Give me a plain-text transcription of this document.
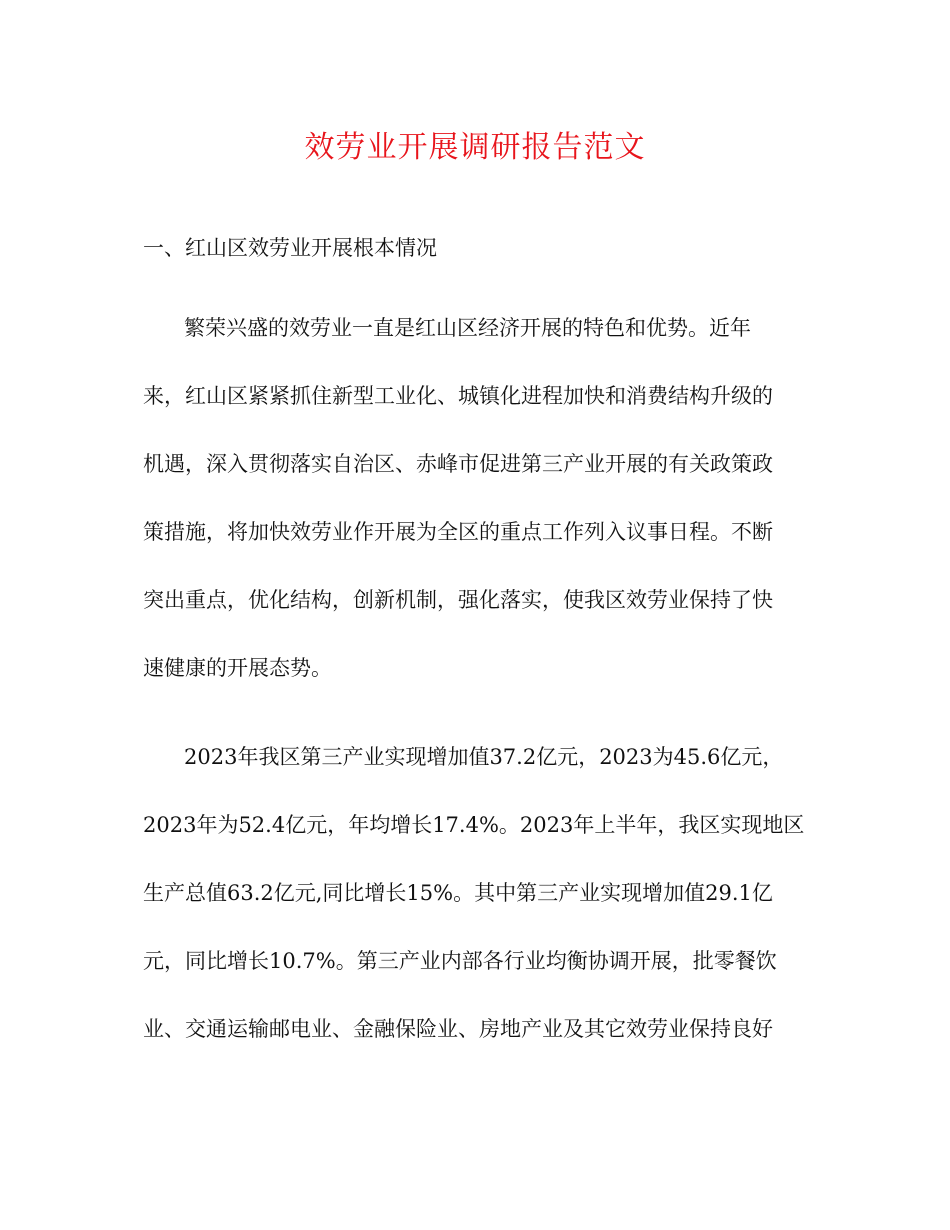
效劳业开展调研报告范文
一、红山区效劳业开展根本情况
繁荣兴盛的效劳业一直是红山区经济开展的特色和优势。近年
来，红山区紧紧抓住新型工业化、城镇化进程加快和消费结构升级的
机遇，深入贯彻落实自治区、赤峰市促进第三产业开展的有关政策政
策措施，将加快效劳业作开展为全区的重点工作列入议事日程。不断
突出重点，优化结构，创新机制，强化落实，使我区效劳业保持了快
速健康的开展态势。
2023年我区第三产业实现增加值37.2亿元，2023为45.6亿元，
2023年为52.4亿元，年均增长17.4%。2023年上半年，我区实现地区
生产总值63.2亿元,同比增长15%。其中第三产业实现增加值29.1亿
元，同比增长10.7%。第三产业内部各行业均衡协调开展，批零餐饮
业、交通运输邮电业、金融保险业、房地产业及其它效劳业保持良好
